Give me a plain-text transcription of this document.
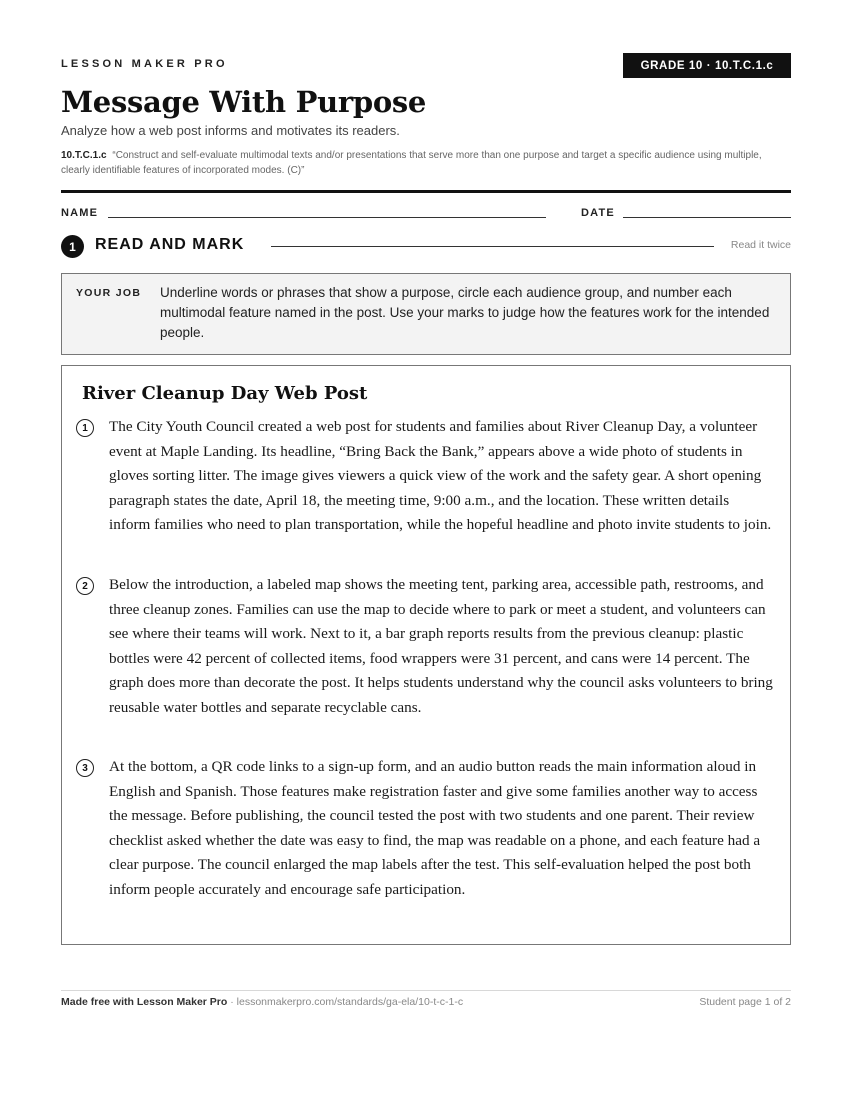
LESSON MAKER PRO	GRADE 10 · 10.T.C.1.c
Message With Purpose
Analyze how a web post informs and motivates its readers.
10.T.C.1.c “Construct and self-evaluate multimodal texts and/or presentations that serve more than one purpose and target a specific audience using multiple, clearly identifiable features of incorporated modes. (C)”
NAME	DATE
1	READ AND MARK	Read it twice
YOUR JOB Underline words or phrases that show a purpose, circle each audience group, and number each multimodal feature named in the post. Use your marks to judge how the features work for the intended people.
River Cleanup Day Web Post
1	The City Youth Council created a web post for students and families about River Cleanup Day, a volunteer event at Maple Landing. Its headline, “Bring Back the Bank,” appears above a wide photo of students in gloves sorting litter. The image gives viewers a quick view of the work and the safety gear. A short opening paragraph states the date, April 18, the meeting time, 9:00 a.m., and the location. These written details inform families who need to plan transportation, while the hopeful headline and photo invite students to join.

2	Below the introduction, a labeled map shows the meeting tent, parking area, accessible path, restrooms, and three cleanup zones. Families can use the map to decide where to park or meet a student, and volunteers can see where their teams will work. Next to it, a bar graph reports results from the previous cleanup: plastic bottles were 42 percent of collected items, food wrappers were 31 percent, and cans were 14 percent. The graph does more than decorate the post. It helps students understand why the council asks volunteers to bring reusable water bottles and separate recyclable cans.

3	At the bottom, a QR code links to a sign-up form, and an audio button reads the main information aloud in English and Spanish. Those features make registration faster and give some families another way to access the message. Before publishing, the council tested the post with two students and one parent. Their review checklist asked whether the date was easy to find, the map was readable on a phone, and each feature had a clear purpose. The council enlarged the map labels after the test. This self-evaluation helped the post both inform people accurately and encourage safe participation.

Made free with Lesson Maker Pro · lessonmakerpro.com/standards/ga-ela/10-t-c-1-c	Student page 1 of 2
